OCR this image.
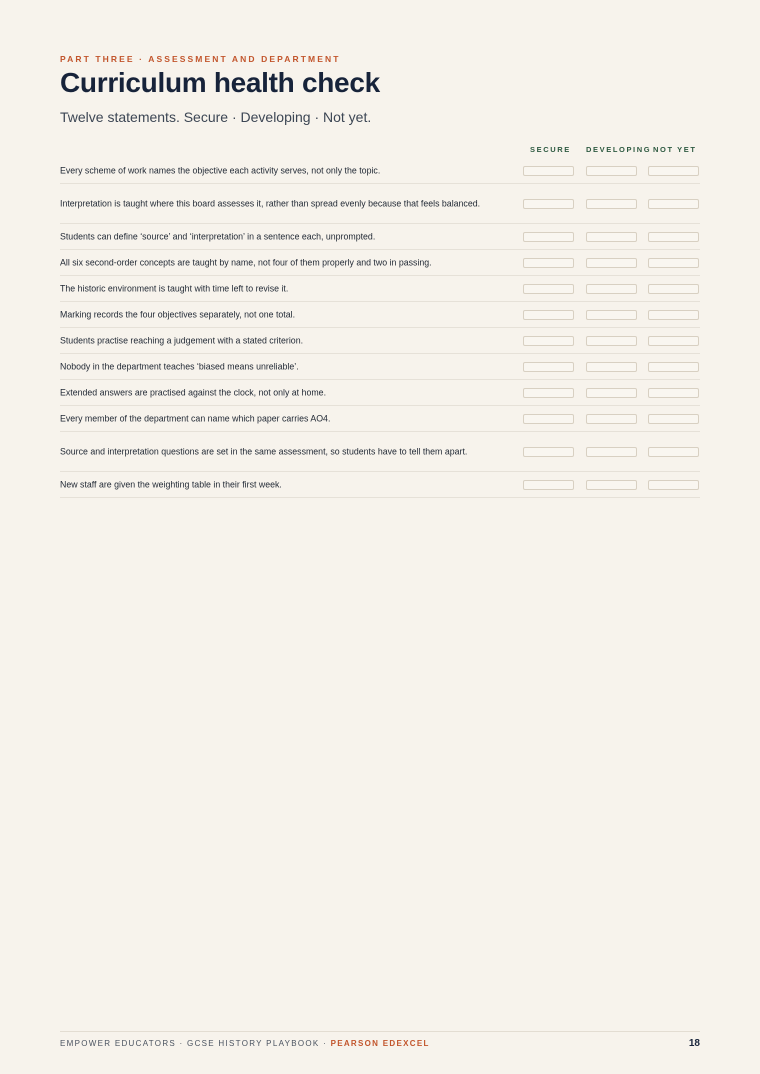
PART THREE · ASSESSMENT AND DEPARTMENT
Curriculum health check
Twelve statements. Secure · Developing · Not yet.
SECURE DEVELOPING NOT YET
Every scheme of work names the objective each activity serves, not only the topic.
Interpretation is taught where this board assesses it, rather than spread evenly because that feels balanced.
Students can define ‘source’ and ‘interpretation’ in a sentence each, unprompted.
All six second-order concepts are taught by name, not four of them properly and two in passing.
The historic environment is taught with time left to revise it.
Marking records the four objectives separately, not one total.
Students practise reaching a judgement with a stated criterion.
Nobody in the department teaches ‘biased means unreliable’.
Extended answers are practised against the clock, not only at home.
Every member of the department can name which paper carries AO4.
Source and interpretation questions are set in the same assessment, so students have to tell them apart.
New staff are given the weighting table in their first week.
EMPOWER EDUCATORS · GCSE HISTORY PLAYBOOK · PEARSON EDEXCEL	18
